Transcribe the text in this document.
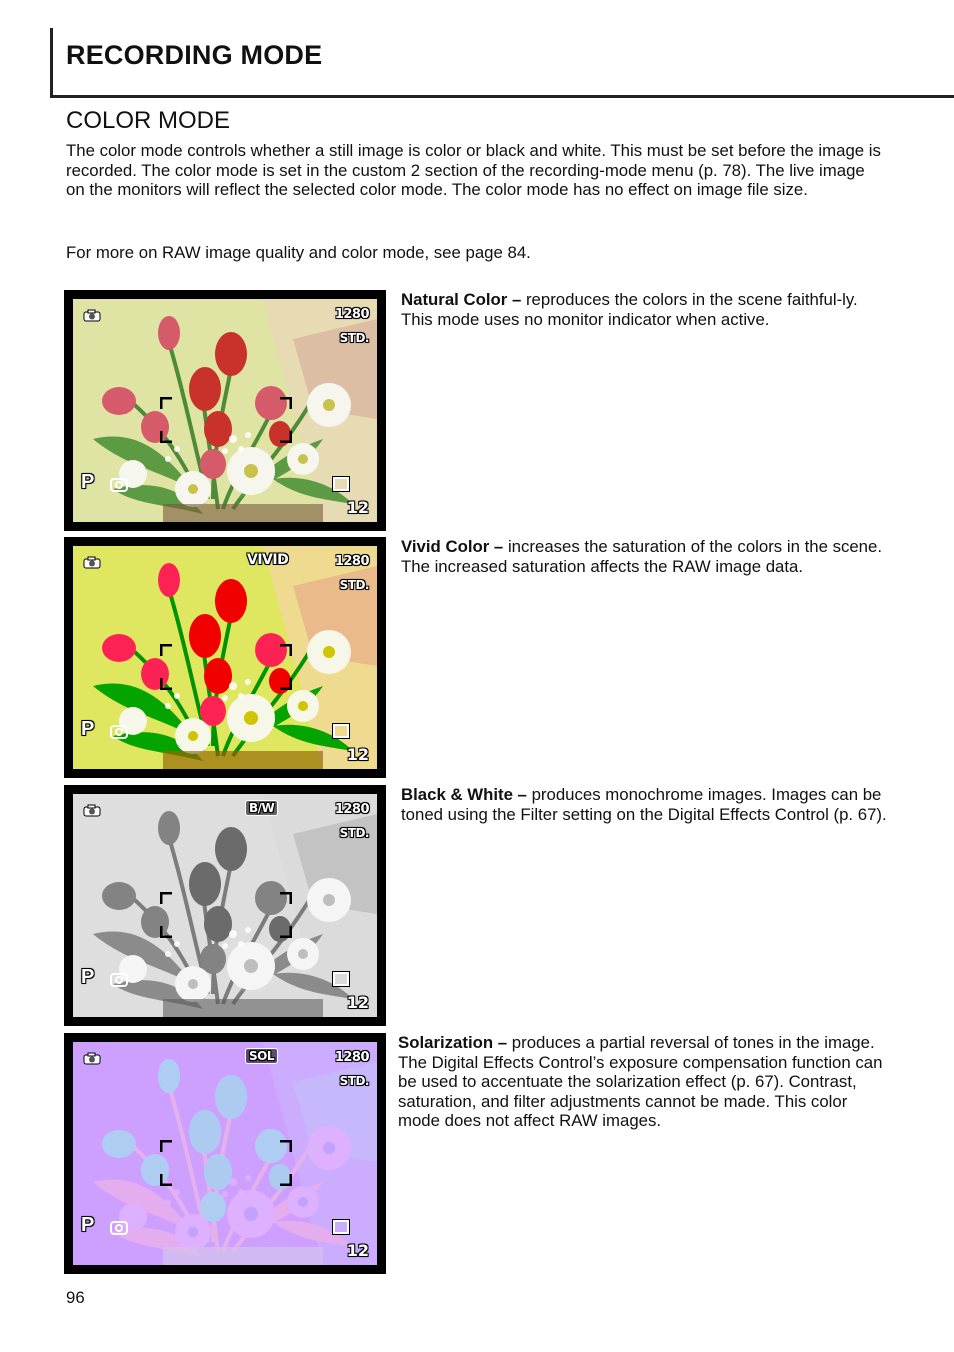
RECORDING MODE
COLOR MODE
The color mode controls whether a still image is color or black and white. This must be set before the image is recorded. The color mode is set in the custom 2 section of the recording-mode menu (p. 78). The live image on the monitors will reflect the selected color mode. The color mode has no effect on image file size.
For more on RAW image quality and color mode, see page 84.
1280
STD.
P
12
Natural Color – reproduces the colors in the scene faithful-ly. This mode uses no monitor indicator when active.
VIVID	1280
STD.
P
12
Vivid Color – increases the saturation of the colors in the scene. The increased saturation affects the RAW image data.
B/W	1280
STD.
P
12
Black & White – produces monochrome images. Images can be toned using the Filter setting on the Digital Effects Control (p. 67).
SOL	1280
STD.
P
12
Solarization – produces a partial reversal of tones in the image. The Digital Effects Control’s exposure compensation function can be used to accentuate the solarization effect (p. 67). Contrast, saturation, and filter adjustments cannot be made. This color mode does not affect RAW images.
96
